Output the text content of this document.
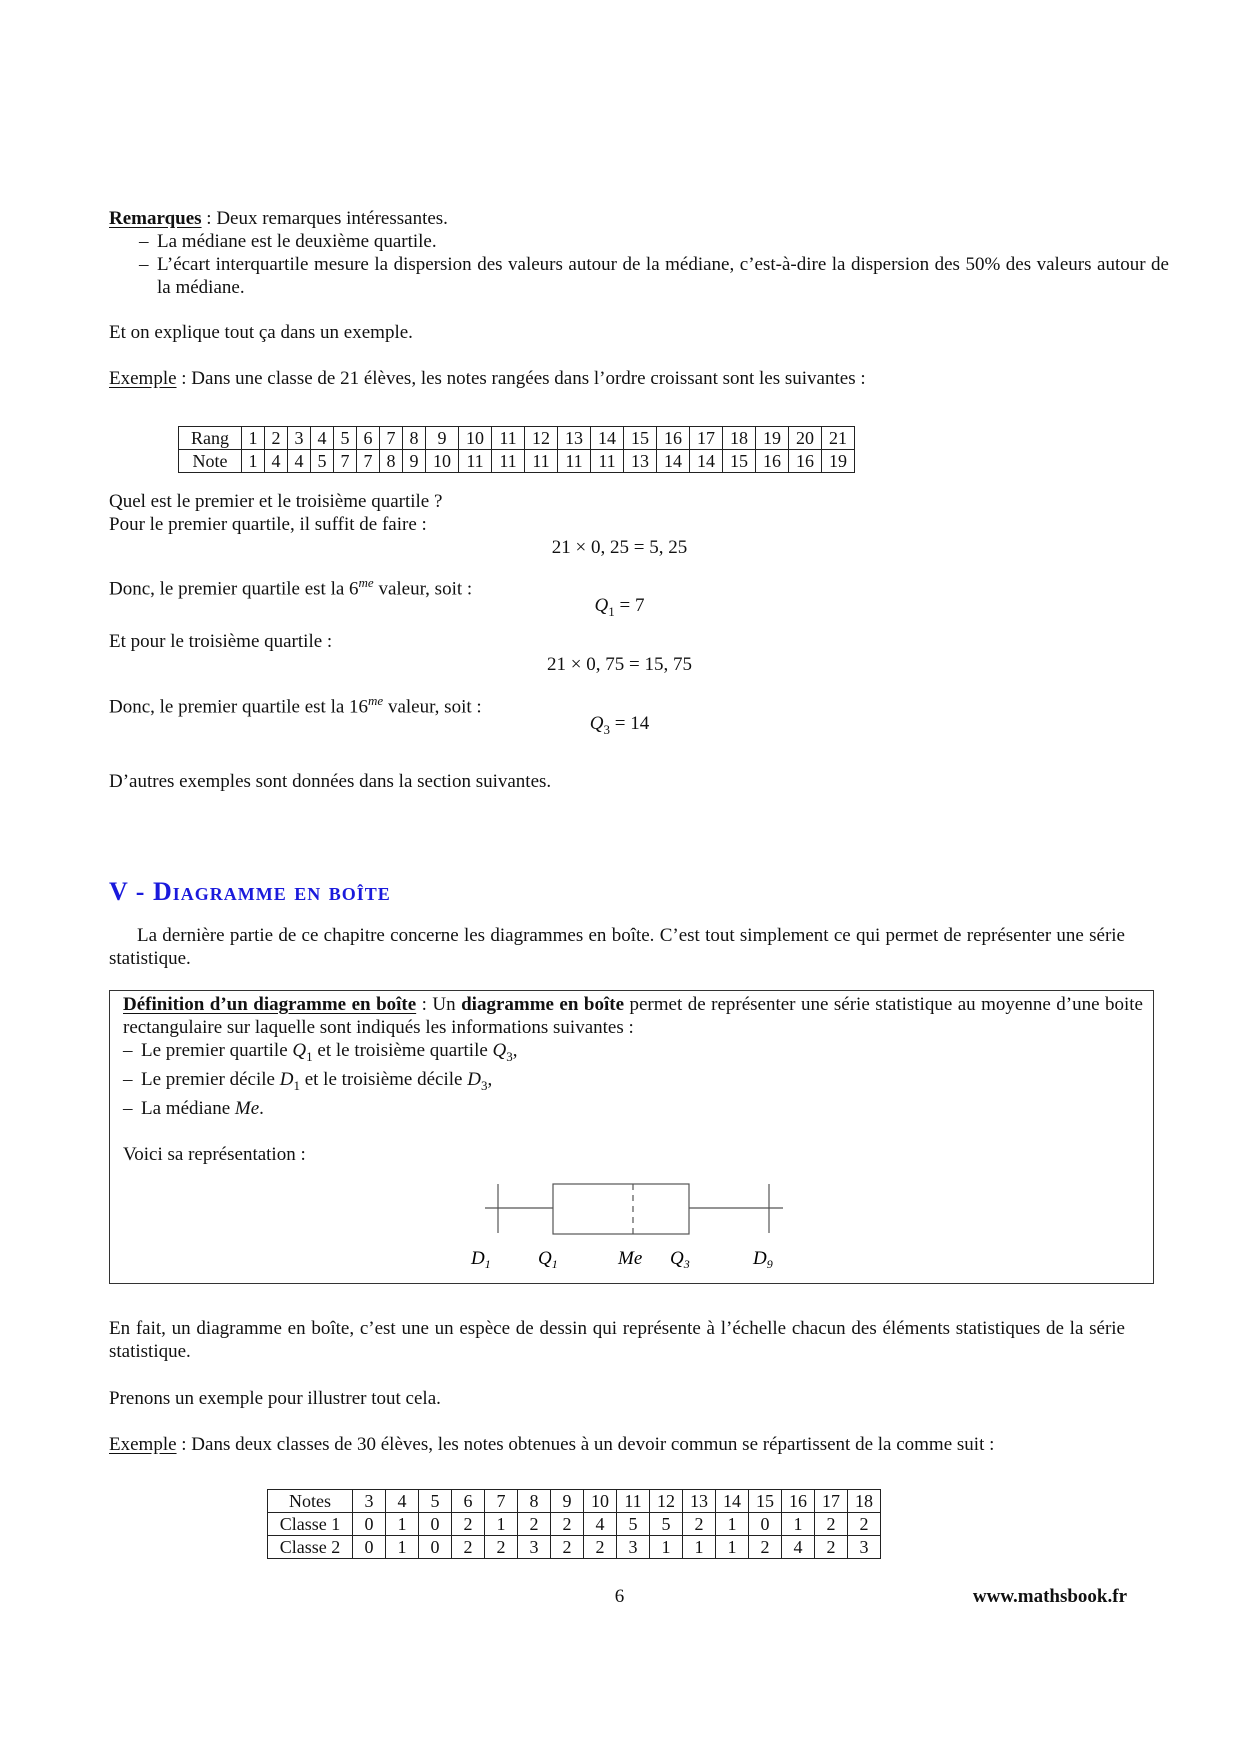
Remarques : Deux remarques intéressantes.
– La médiane est le deuxième quartile.
– L’écart interquartile mesure la dispersion des valeurs autour de la médiane, c’est-à-dire la dispersion des 50% des valeurs autour de la médiane.
Et on explique tout ça dans un exemple.
Exemple : Dans une classe de 21 élèves, les notes rangées dans l’ordre croissant sont les suivantes :
Rang	1	2	3	4	5	6	7	8	9	10	11	12	13	14	15	16	17	18	19	20	21
Note	1	4	4	5	7	7	8	9	10	11	11	11	11	11	13	14	14	15	16	16	19
Quel est le premier et le troisième quartile ?
Pour le premier quartile, il suffit de faire :
21 × 0, 25 = 5, 25
Donc, le premier quartile est la $6^{me}$ valeur, soit :
$Q_1 = 7$
Et pour le troisième quartile :
21 × 0, 75 = 15, 75
Donc, le premier quartile est la $16^{me}$ valeur, soit :
$Q_3 = 14$
D’autres exemples sont données dans la section suivantes.
V - Diagramme en boîte
La dernière partie de ce chapitre concerne les diagrammes en boîte. C’est tout simplement ce qui permet de représenter une série statistique.
Définition d’un diagramme en boîte : Un diagramme en boîte permet de représenter une série statistique au moyenne d’une boite rectangulaire sur laquelle sont indiqués les informations suivantes :
– Le premier quartile $Q_1$ et le troisième quartile $Q_3$,
– Le premier décile $D_1$ et le troisième décile $D_3$,
– La médiane Me.
Voici sa représentation :
$D_1$ $Q_1$	Me $Q_3$	$D_9$
En fait, un diagramme en boîte, c’est une un espèce de dessin qui représente à l’échelle chacun des éléments statistiques de la série statistique.
Prenons un exemple pour illustrer tout cela.
Exemple : Dans deux classes de 30 élèves, les notes obtenues à un devoir commun se répartissent de la comme suit :
Notes	3	4	5	6	7	8	9	10	11	12	13	14	15	16	17	18
Classe 1	0	1	0	2	1	2	2	4	5	5	2	1	0	1	2	2
Classe 2	0	1	0	2	2	3	2	2	3	1	1	1	2	4	2	3
6	www.mathsbook.fr
